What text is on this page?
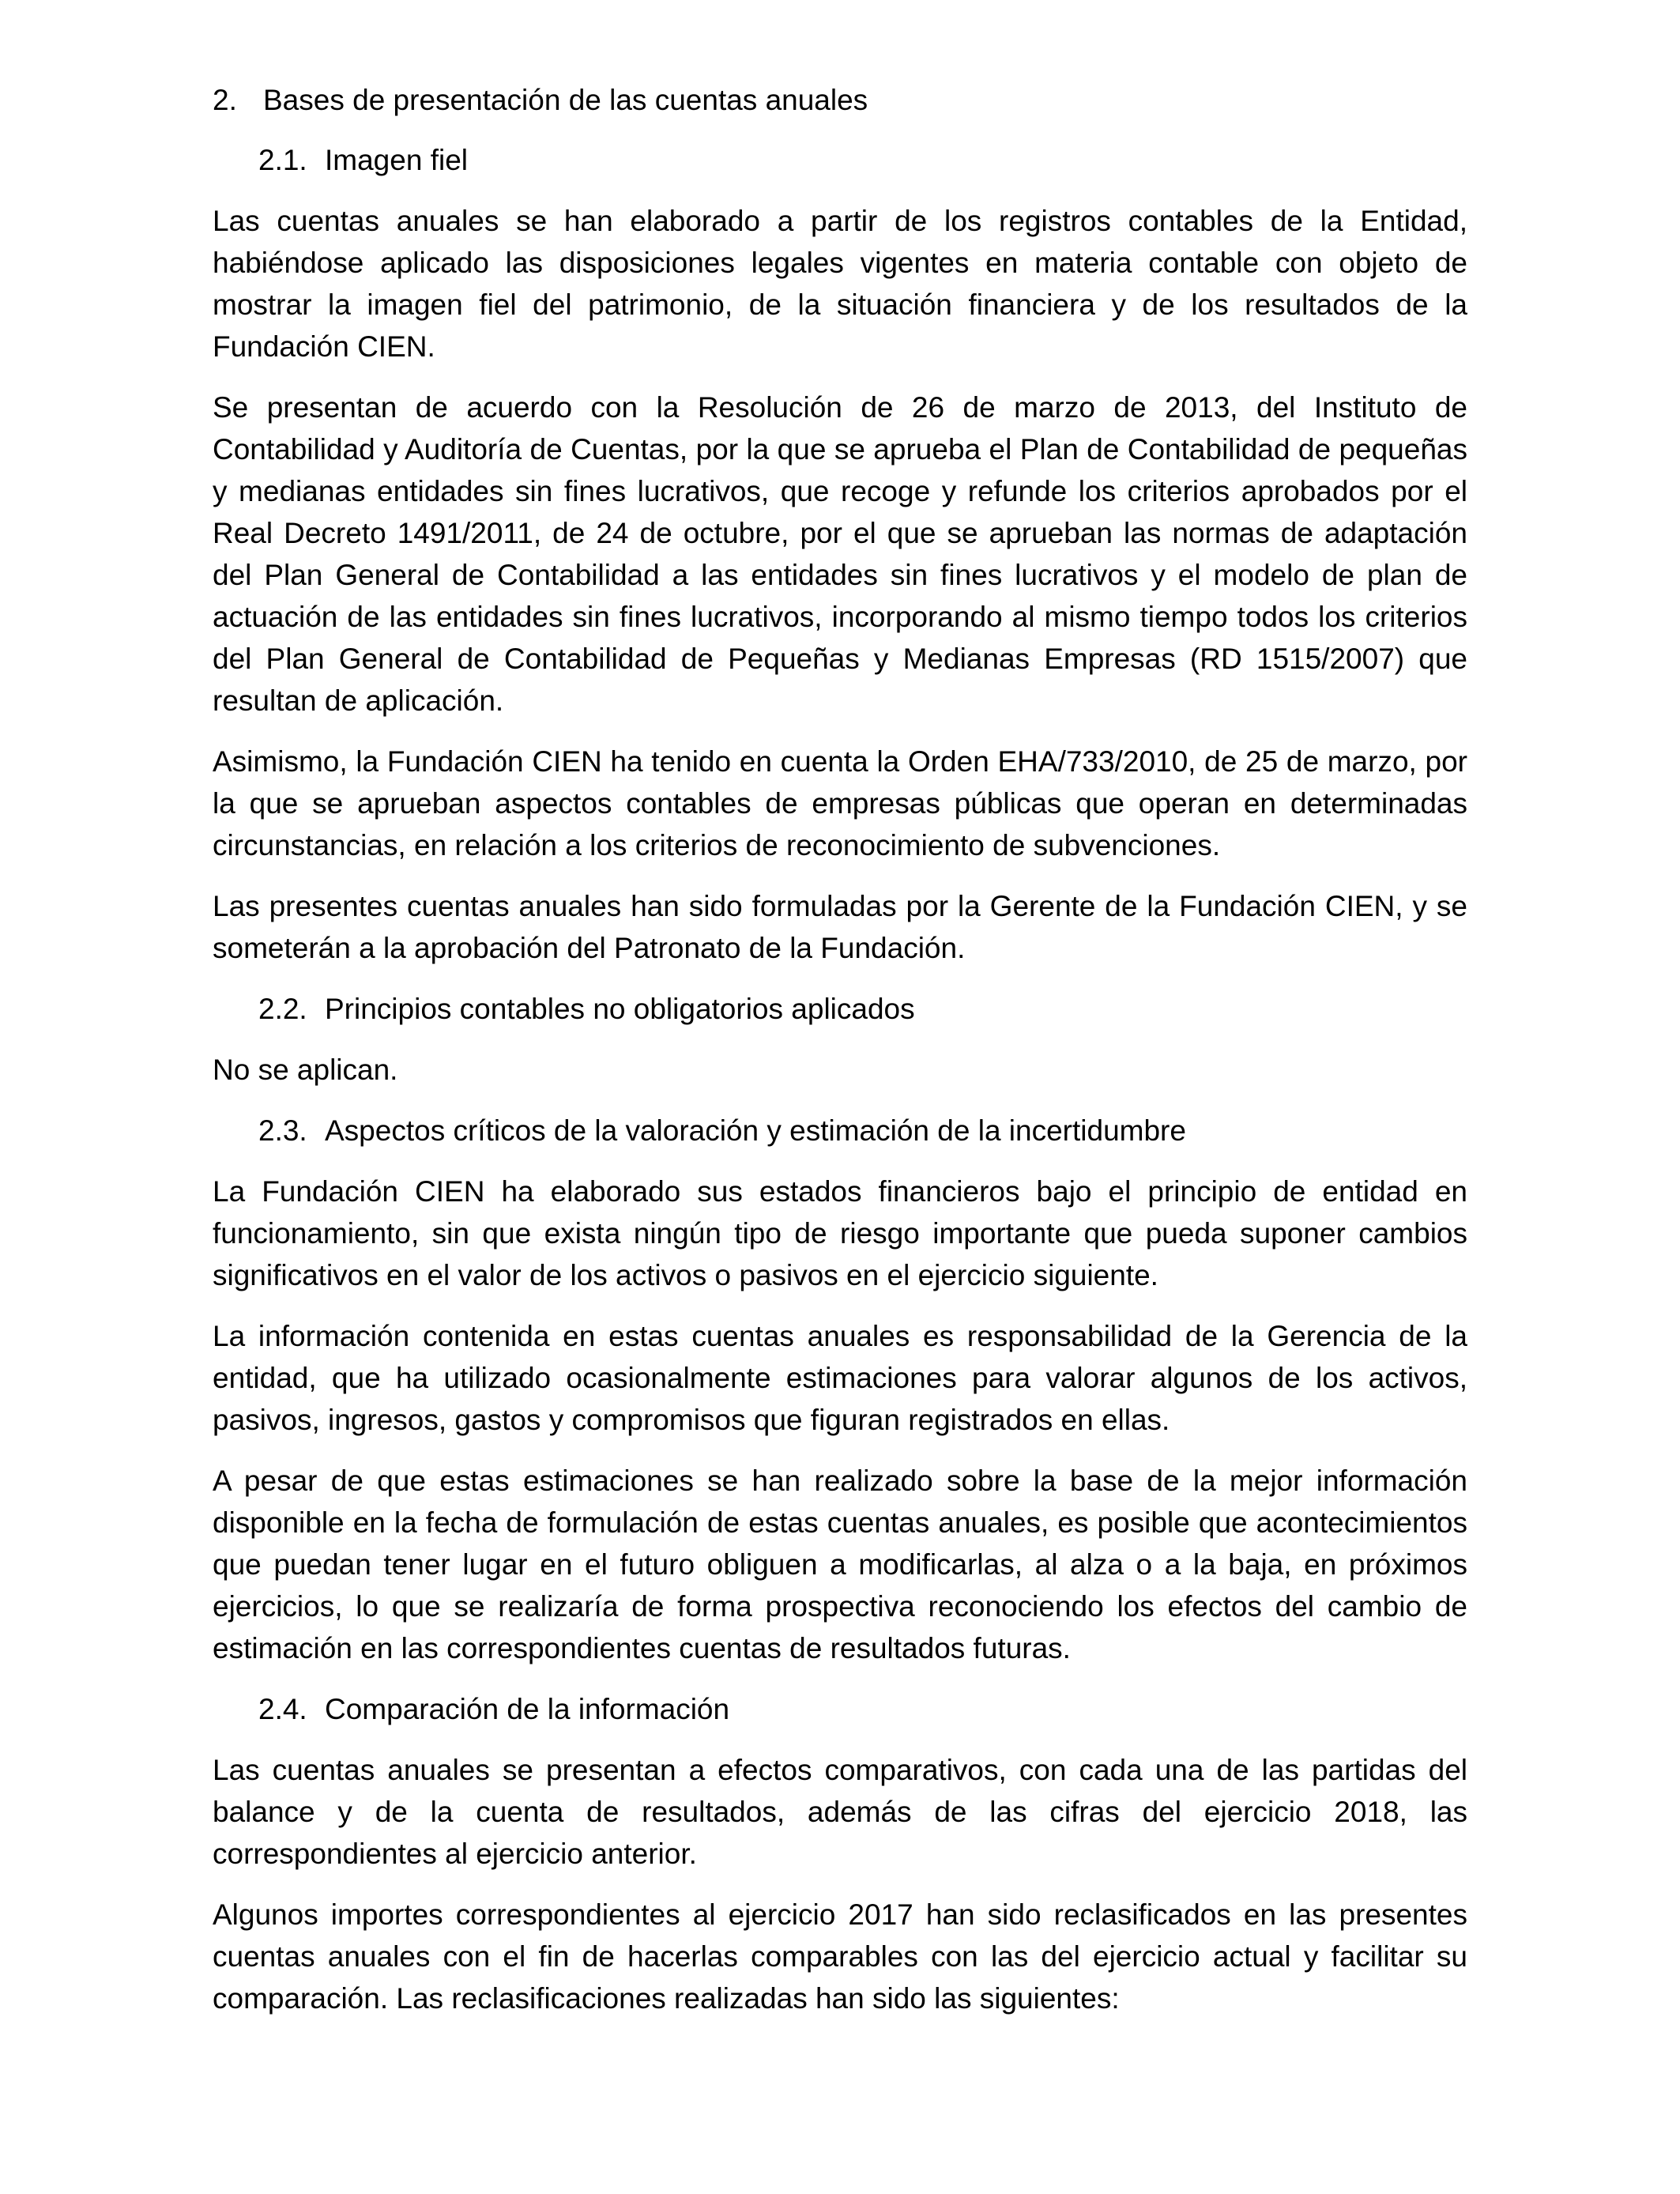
2. Bases de presentación de las cuentas anuales
2.1. Imagen fiel

Las cuentas anuales se han elaborado a partir de los registros contables de la Entidad, habiéndose aplicado las disposiciones legales vigentes en materia contable con objeto de mostrar la imagen fiel del patrimonio, de la situación financiera y de los resultados de la Fundación CIEN.

Se presentan de acuerdo con la Resolución de 26 de marzo de 2013, del Instituto de Contabilidad y Auditoría de Cuentas, por la que se aprueba el Plan de Contabilidad de pequeñas y medianas entidades sin fines lucrativos, que recoge y refunde los criterios aprobados por el Real Decreto 1491/2011, de 24 de octubre, por el que se aprueban las normas de adaptación del Plan General de Contabilidad a las entidades sin fines lucrativos y el modelo de plan de actuación de las entidades sin fines lucrativos, incorporando al mismo tiempo todos los criterios del Plan General de Contabilidad de Pequeñas y Medianas Empresas (RD 1515/2007) que resultan de aplicación.

Asimismo, la Fundación CIEN ha tenido en cuenta la Orden EHA/733/2010, de 25 de marzo, por la que se aprueban aspectos contables de empresas públicas que operan en determinadas circunstancias, en relación a los criterios de reconocimiento de subvenciones.

Las presentes cuentas anuales han sido formuladas por la Gerente de la Fundación CIEN, y se someterán a la aprobación del Patronato de la Fundación.

2.2. Principios contables no obligatorios aplicados

No se aplican.

2.3. Aspectos críticos de la valoración y estimación de la incertidumbre

La Fundación CIEN ha elaborado sus estados financieros bajo el principio de entidad en funcionamiento, sin que exista ningún tipo de riesgo importante que pueda suponer cambios significativos en el valor de los activos o pasivos en el ejercicio siguiente.

La información contenida en estas cuentas anuales es responsabilidad de la Gerencia de la entidad, que ha utilizado ocasionalmente estimaciones para valorar algunos de los activos, pasivos, ingresos, gastos y compromisos que figuran registrados en ellas.

A pesar de que estas estimaciones se han realizado sobre la base de la mejor información disponible en la fecha de formulación de estas cuentas anuales, es posible que acontecimientos que puedan tener lugar en el futuro obliguen a modificarlas, al alza o a la baja, en próximos ejercicios, lo que se realizaría de forma prospectiva reconociendo los efectos del cambio de estimación en las correspondientes cuentas de resultados futuras.

2.4. Comparación de la información

Las cuentas anuales se presentan a efectos comparativos, con cada una de las partidas del balance y de la cuenta de resultados, además de las cifras del ejercicio 2018, las correspondientes al ejercicio anterior.

Algunos importes correspondientes al ejercicio 2017 han sido reclasificados en las presentes cuentas anuales con el fin de hacerlas comparables con las del ejercicio actual y facilitar su comparación. Las reclasificaciones realizadas han sido las siguientes:
